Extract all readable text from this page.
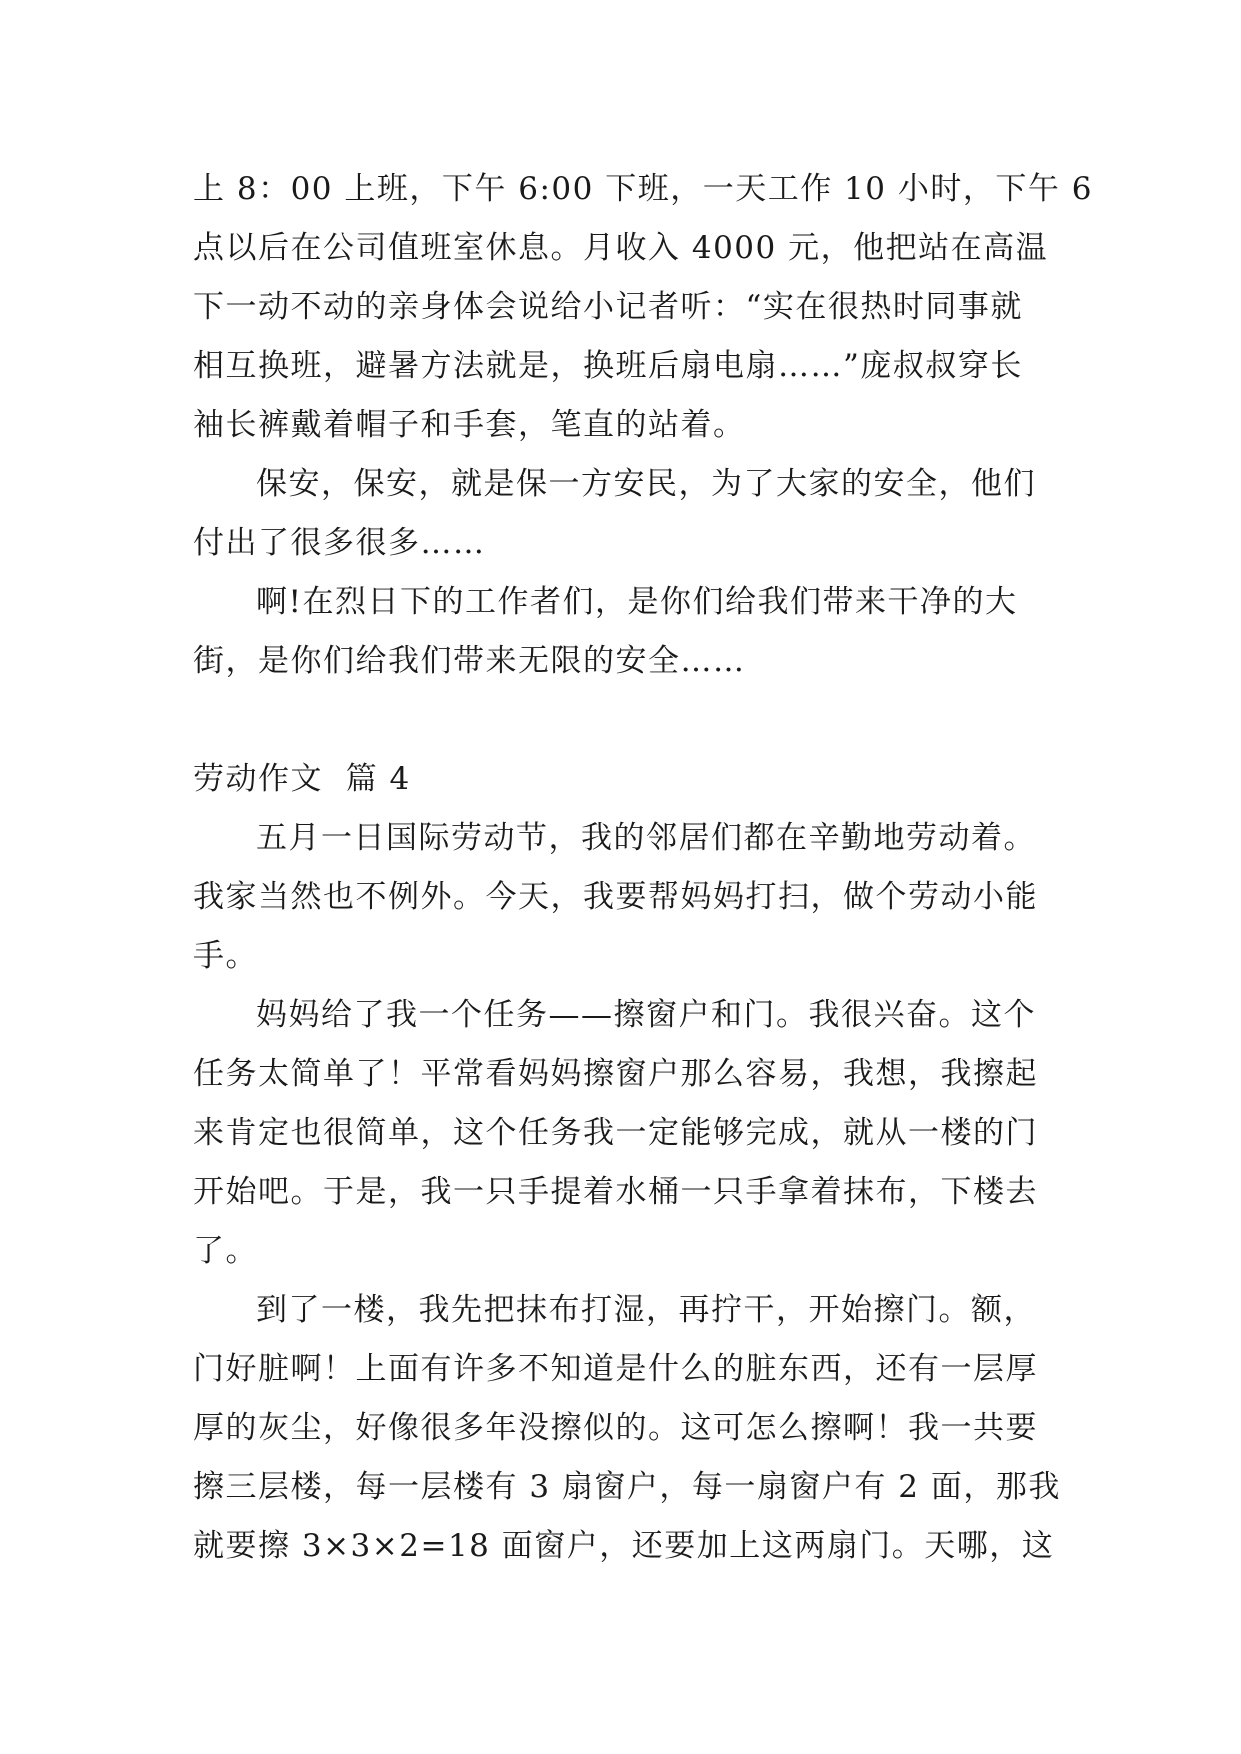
上 8：00 上班，下午 6:00 下班，一天工作 10 小时，下午 6
点以后在公司值班室休息。月收入 4000 元，他把站在高温
下一动不动的亲身体会说给小记者听：“实在很热时同事就
相互换班，避暑方法就是，换班后扇电扇……”庞叔叔穿长
袖长裤戴着帽子和手套，笔直的站着。
保安，保安，就是保一方安民，为了大家的安全，他们
付出了很多很多……
啊!在烈日下的工作者们，是你们给我们带来干净的大
街，是你们给我们带来无限的安全……
劳动作文  篇 4
五月一日国际劳动节，我的邻居们都在辛勤地劳动着。
我家当然也不例外。今天，我要帮妈妈打扫，做个劳动小能
手。
妈妈给了我一个任务——擦窗户和门。我很兴奋。这个
任务太简单了！平常看妈妈擦窗户那么容易，我想，我擦起
来肯定也很简单，这个任务我一定能够完成，就从一楼的门
开始吧。于是，我一只手提着水桶一只手拿着抹布，下楼去
了。
到了一楼，我先把抹布打湿，再拧干，开始擦门。额，
门好脏啊！上面有许多不知道是什么的脏东西，还有一层厚
厚的灰尘，好像很多年没擦似的。这可怎么擦啊！我一共要
擦三层楼，每一层楼有 3 扇窗户，每一扇窗户有 2 面，那我
就要擦 3×3×2=18 面窗户，还要加上这两扇门。天哪，这
